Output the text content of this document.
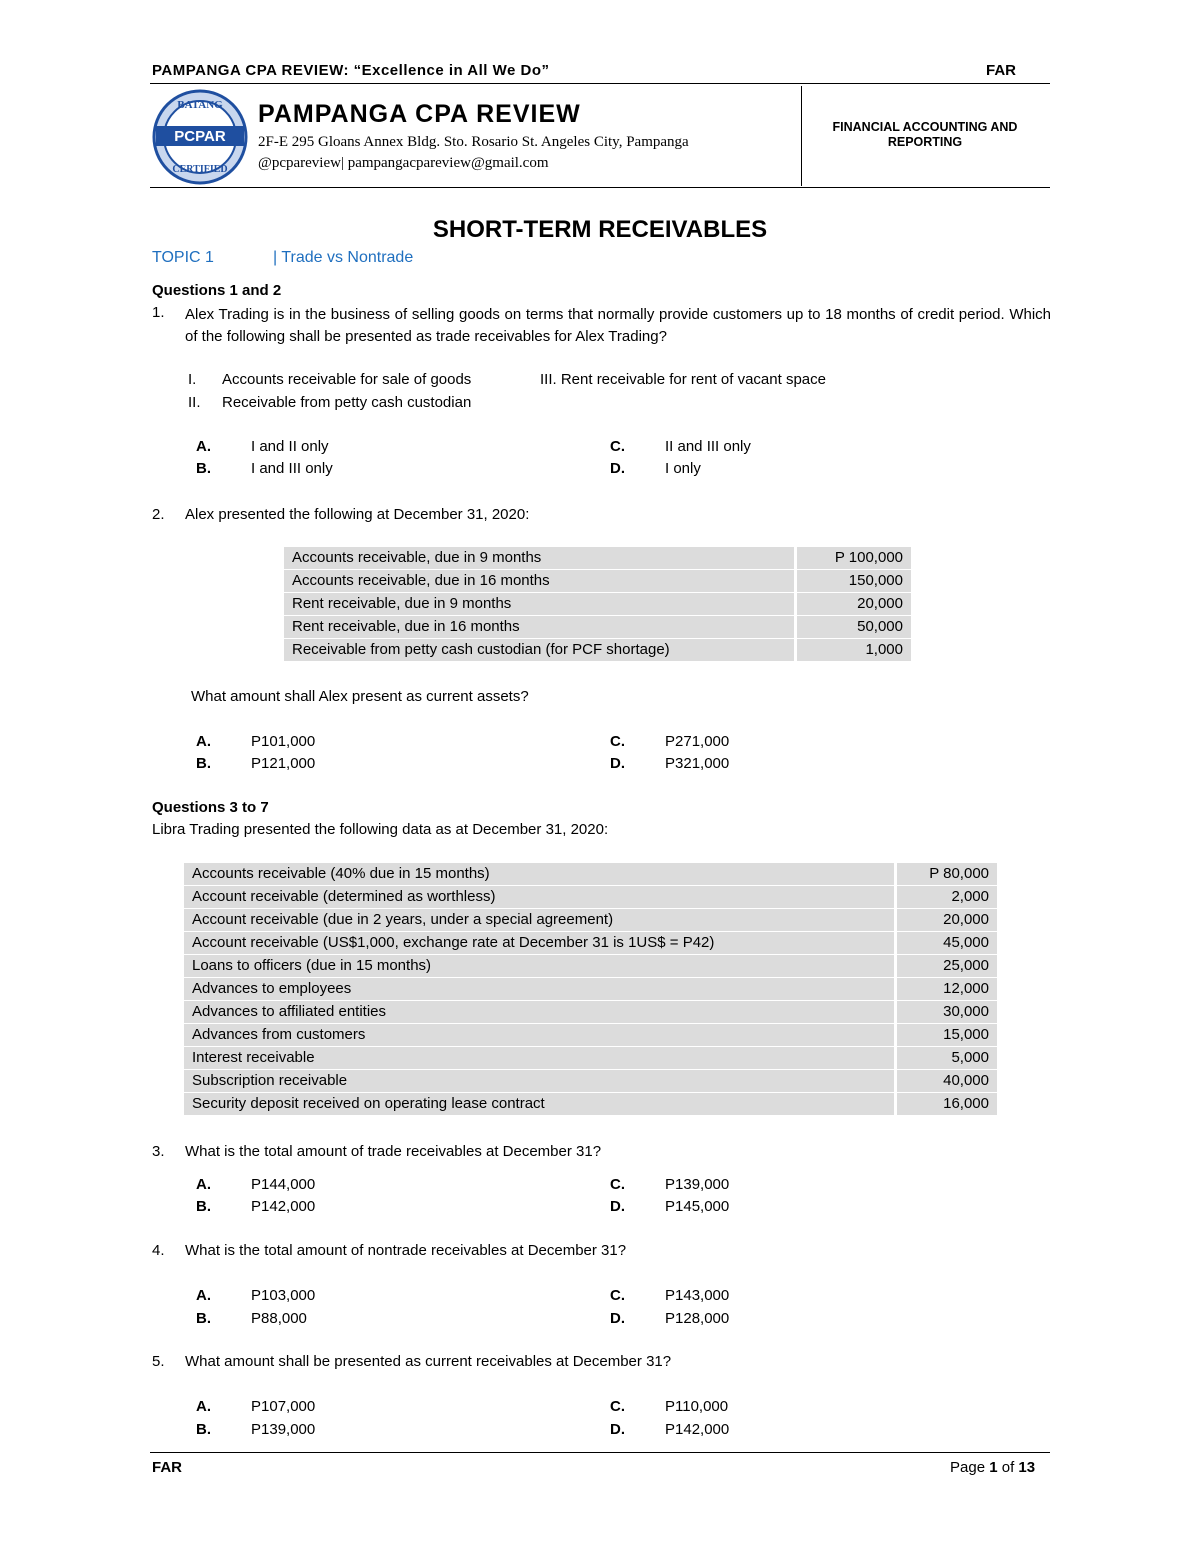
PAMPANGA CPA REVIEW: “Excellence in All We Do”	FAR
BATANG
PCPAR
CERTIFIED
PAMPANGA CPA REVIEW
2F-E 295 Gloans Annex Bldg. Sto. Rosario St. Angeles City, Pampanga
@pcpareview| pampangacpareview@gmail.com
FINANCIAL ACCOUNTING AND REPORTING
SHORT-TERM RECEIVABLES
TOPIC 1	| Trade vs Nontrade
Questions 1 and 2
1. Alex Trading is in the business of selling goods on terms that normally provide customers up to 18 months of credit period. Which of the following shall be presented as trade receivables for Alex Trading?
I. Accounts receivable for sale of goods	III. Rent receivable for rent of vacant space
II. Receivable from petty cash custodian
A.	I and II only
B.	I and III only
C.	II and III only
D.	I only
2. Alex presented the following at December 31, 2020:
Accounts receivable, due in 9 months	P 100,000
Accounts receivable, due in 16 months	150,000
Rent receivable, due in 9 months	20,000
Rent receivable, due in 16 months	50,000
Receivable from petty cash custodian (for PCF shortage)	1,000
What amount shall Alex present as current assets?
A.	P101,000
B.	P121,000
C.	P271,000
D.	P321,000
Questions 3 to 7
Libra Trading presented the following data as at December 31, 2020:
Accounts receivable (40% due in 15 months)	P 80,000
Account receivable (determined as worthless)	2,000
Account receivable (due in 2 years, under a special agreement)	20,000
Account receivable (US$1,000, exchange rate at December 31 is 1US$ = P42)	45,000
Loans to officers (due in 15 months)	25,000
Advances to employees	12,000
Advances to affiliated entities	30,000
Advances from customers	15,000
Interest receivable	5,000
Subscription receivable	40,000
Security deposit received on operating lease contract	16,000
3. What is the total amount of trade receivables at December 31?
A.	P144,000
B.	P142,000
C.	P139,000
D.	P145,000
4. What is the total amount of nontrade receivables at December 31?
A.	P103,000
B.	P88,000
C.	P143,000
D.	P128,000
5. What amount shall be presented as current receivables at December 31?
A.	P107,000
B.	P139,000
C.	P110,000
D.	P142,000
FAR	Page 1 of 13
